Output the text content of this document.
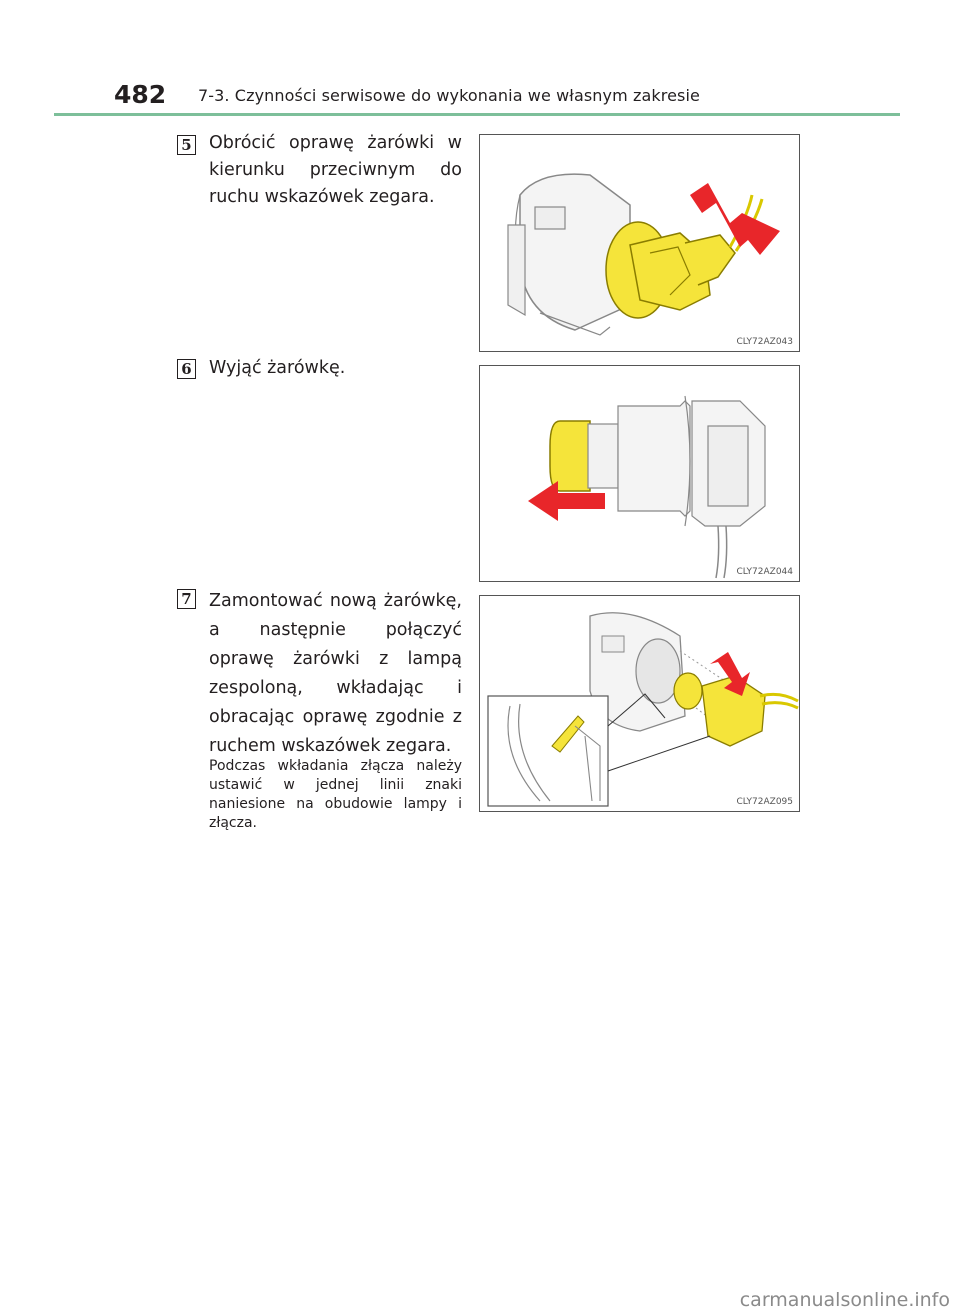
482 7-3. Czynności serwisowe do wykonania we własnym zakresie
5 Obrócić oprawę żarówki w kierunku przeciwnym do ruchu wskazówek zegara.
CLY72AZ043
6 Wyjąć żarówkę.
CLY72AZ044
7 Zamontować nową żarówkę, a następnie połączyć oprawę żarówki z lampą zespoloną, wkładając i obracając oprawę zgodnie z ruchem wskazówek zegara.
Podczas wkładania złącza należy ustawić w jednej linii znaki naniesione na obudowie lampy i złącza.
CLY72AZ095
carmanualsonline.info
